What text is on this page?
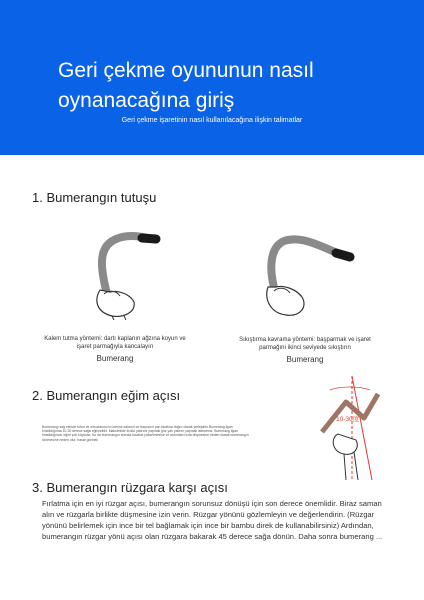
Geri çekme oyununun nasıl oynanacağına giriş
Geri çekme işaretinin nasıl kullanılacağına ilişkin talimatlar
1. Bumerangın tutuşu
Kalem tutma yöntemi: dartı kaplanın ağzına koyun ve işaret parmağıyla kancalayın
Bumerang
Sıkıştırma kavrama yöntemi: başparmak ve işaret parmağını ikinci seviyede sıkıştırın
Bumerang
2. Bumerangın eğim açısı
Bumerangı sağ elinizle tutun ve omuzlarınızın üzerine kaldırın ve başınızın yan tarafına doğru olarak yerleştirin.Bumerang ilgan fırlatıldığında 10-30 derece sağa eğilmelidir. Maksimilde fırdöz yatırımı yapmak göz yan yatırım yapmak istemeniz. Bumerang ilgan fırlatıldığında, eğim çok küçükse, bu da bumerangın anında havada yükselmesine ve ardından hızla düşmesine neden olarak bumerangın dönmesine neden olur. hasar görmek
10-30度
3. Bumerangın rüzgara karşı açısı
Fırlatma için en iyi rüzgar açısı, bumerangın sorunsuz dönüşü için son derece önemlidir. Biraz saman alın ve rüzgarla birlikte düşmesine izin verin. Rüzgar yönünü gözlemleyin ve değerlendirin. (Rüzgar yönünü belirlemek için ince bir tel bağlamak için ince bir bambu direk de kullanabilirsiniz) Ardından, bumerangın rüzgar yönü açısı olan rüzgara bakarak 45 derece sağa dönün. Daha sonra bumerang ...
